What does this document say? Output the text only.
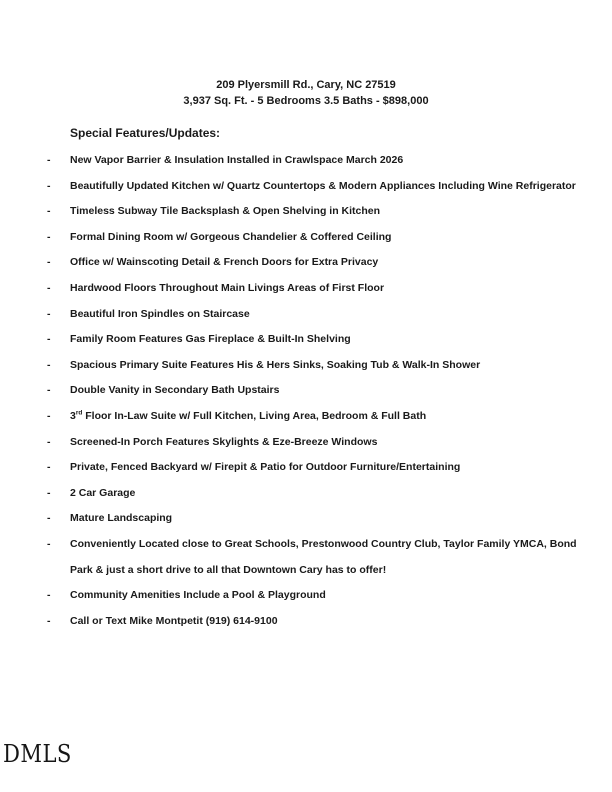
209 Plyersmill Rd., Cary, NC 27519
3,937 Sq. Ft. - 5 Bedrooms 3.5 Baths - $898,000
Special Features/Updates:
- New Vapor Barrier & Insulation Installed in Crawlspace March 2026
- Beautifully Updated Kitchen w/ Quartz Countertops & Modern Appliances Including Wine Refrigerator
- Timeless Subway Tile Backsplash & Open Shelving in Kitchen
- Formal Dining Room w/ Gorgeous Chandelier & Coffered Ceiling
- Office w/ Wainscoting Detail & French Doors for Extra Privacy
- Hardwood Floors Throughout Main Livings Areas of First Floor
- Beautiful Iron Spindles on Staircase
- Family Room Features Gas Fireplace & Built-In Shelving
- Spacious Primary Suite Features His & Hers Sinks, Soaking Tub & Walk-In Shower
- Double Vanity in Secondary Bath Upstairs
- 3rd Floor In-Law Suite w/ Full Kitchen, Living Area, Bedroom & Full Bath
- Screened-In Porch Features Skylights & Eze-Breeze Windows
- Private, Fenced Backyard w/ Firepit & Patio for Outdoor Furniture/Entertaining
- 2 Car Garage
- Mature Landscaping
- Conveniently Located close to Great Schools, Prestonwood Country Club, Taylor Family YMCA, Bond Park & just a short drive to all that Downtown Cary has to offer!
- Community Amenities Include a Pool & Playground
- Call or Text Mike Montpetit (919) 614-9100
DMLS
